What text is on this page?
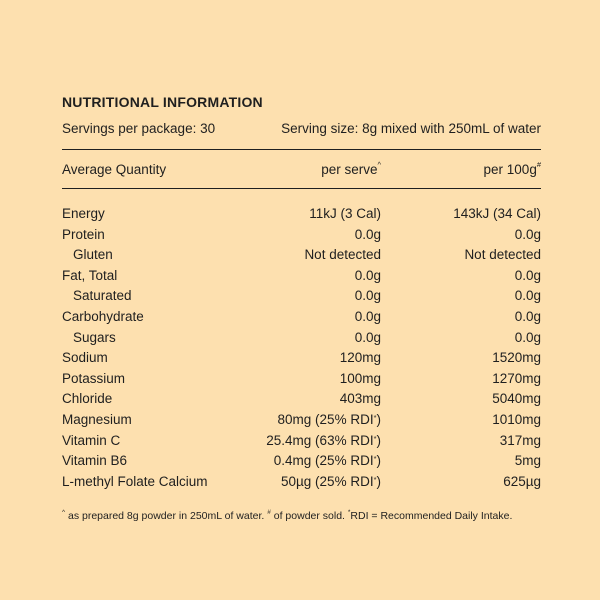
NUTRITIONAL INFORMATION
Servings per package: 30	Serving size: 8g mixed with 250mL of water
Average Quantity	per serve^	per 100g#
Energy	11kJ (3 Cal)	143kJ (34 Cal)
Protein	0.0g	0.0g
Gluten	Not detected	Not detected
Fat, Total	0.0g	0.0g
Saturated	0.0g	0.0g
Carbohydrate	0.0g	0.0g
Sugars	0.0g	0.0g
Sodium	120mg	1520mg
Potassium	100mg	1270mg
Chloride	403mg	5040mg
Magnesium	80mg (25% RDI*)	1010mg
Vitamin C	25.4mg (63% RDI*)	317mg
Vitamin B6	0.4mg (25% RDI*)	5mg
L-methyl Folate Calcium	50µg (25% RDI*)	625µg
^ as prepared 8g powder in 250mL of water. # of powder sold. *RDI = Recommended Daily Intake.
